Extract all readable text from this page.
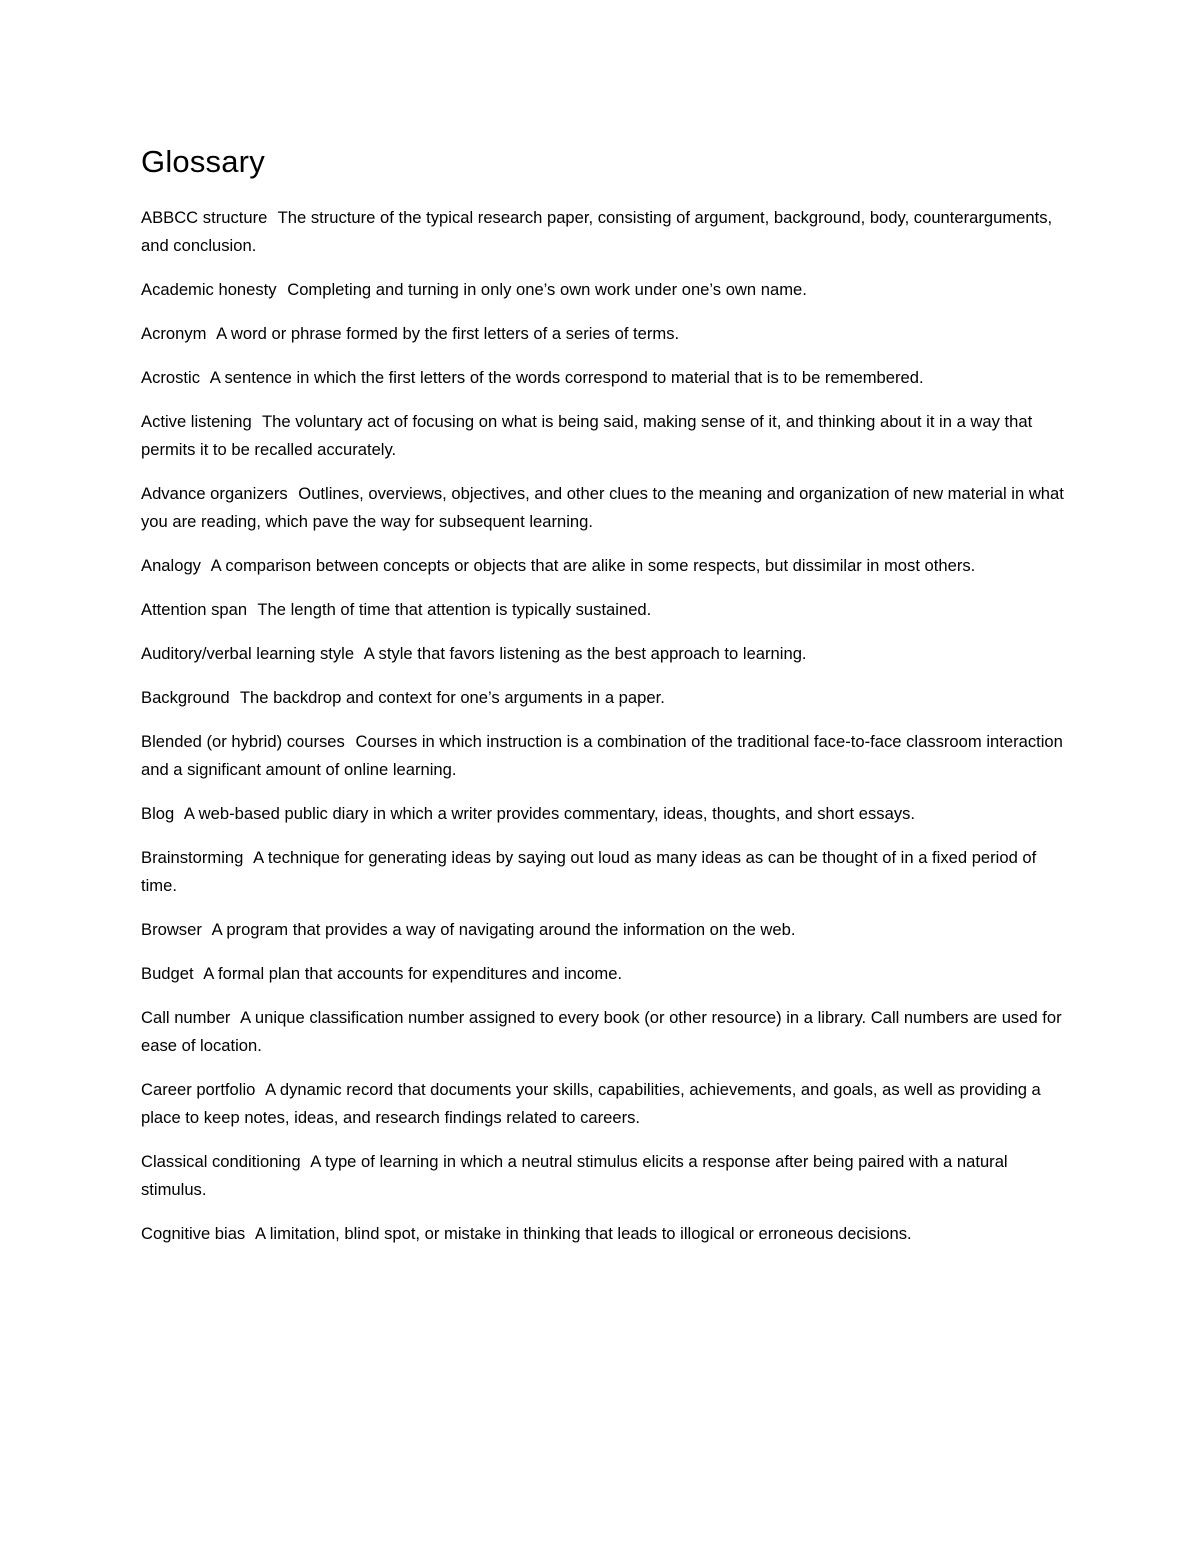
Glossary

ABBCC structure The structure of the typical research paper, consisting of argument, background, body, counterarguments, and conclusion.

Academic honesty Completing and turning in only one’s own work under one’s own name.

Acronym A word or phrase formed by the first letters of a series of terms.

Acrostic A sentence in which the first letters of the words correspond to material that is to be remembered.

Active listening The voluntary act of focusing on what is being said, making sense of it, and thinking about it in a way that permits it to be recalled accurately.

Advance organizers Outlines, overviews, objectives, and other clues to the meaning and organization of new material in what you are reading, which pave the way for subsequent learning.

Analogy A comparison between concepts or objects that are alike in some respects, but dissimilar in most others.

Attention span The length of time that attention is typically sustained.

Auditory/verbal learning style A style that favors listening as the best approach to learning.

Background The backdrop and context for one’s arguments in a paper.

Blended (or hybrid) courses Courses in which instruction is a combination of the traditional face-to-face classroom interaction and a significant amount of online learning.

Blog A web-based public diary in which a writer provides commentary, ideas, thoughts, and short essays.

Brainstorming A technique for generating ideas by saying out loud as many ideas as can be thought of in a fixed period of time.

Browser A program that provides a way of navigating around the information on the web.

Budget A formal plan that accounts for expenditures and income.

Call number A unique classification number assigned to every book (or other resource) in a library. Call numbers are used for ease of location.

Career portfolio A dynamic record that documents your skills, capabilities, achievements, and goals, as well as providing a place to keep notes, ideas, and research findings related to careers.

Classical conditioning A type of learning in which a neutral stimulus elicits a response after being paired with a natural stimulus.

Cognitive bias A limitation, blind spot, or mistake in thinking that leads to illogical or erroneous decisions.
